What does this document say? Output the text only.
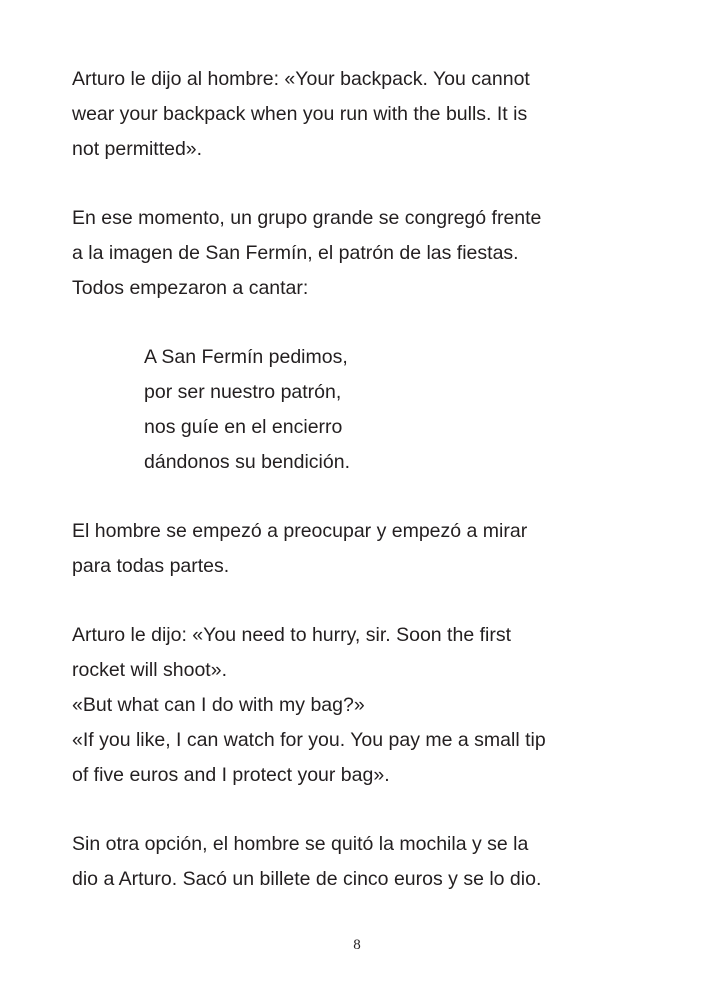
Arturo le dijo al hombre: «Your backpack. You cannot
wear your backpack when you run with the bulls. It is
not permitted».

En ese momento, un grupo grande se congregó frente
a la imagen de San Fermín, el patrón de las fiestas.
Todos empezaron a cantar:

A San Fermín pedimos,
por ser nuestro patrón,
nos guíe en el encierro
dándonos su bendición.

El hombre se empezó a preocupar y empezó a mirar
para todas partes.

Arturo le dijo: «You need to hurry, sir. Soon the first
rocket will shoot».
«But what can I do with my bag?»
«If you like, I can watch for you. You pay me a small tip
of five euros and I protect your bag».

Sin otra opción, el hombre se quitó la mochila y se la
dio a Arturo. Sacó un billete de cinco euros y se lo dio.

8
